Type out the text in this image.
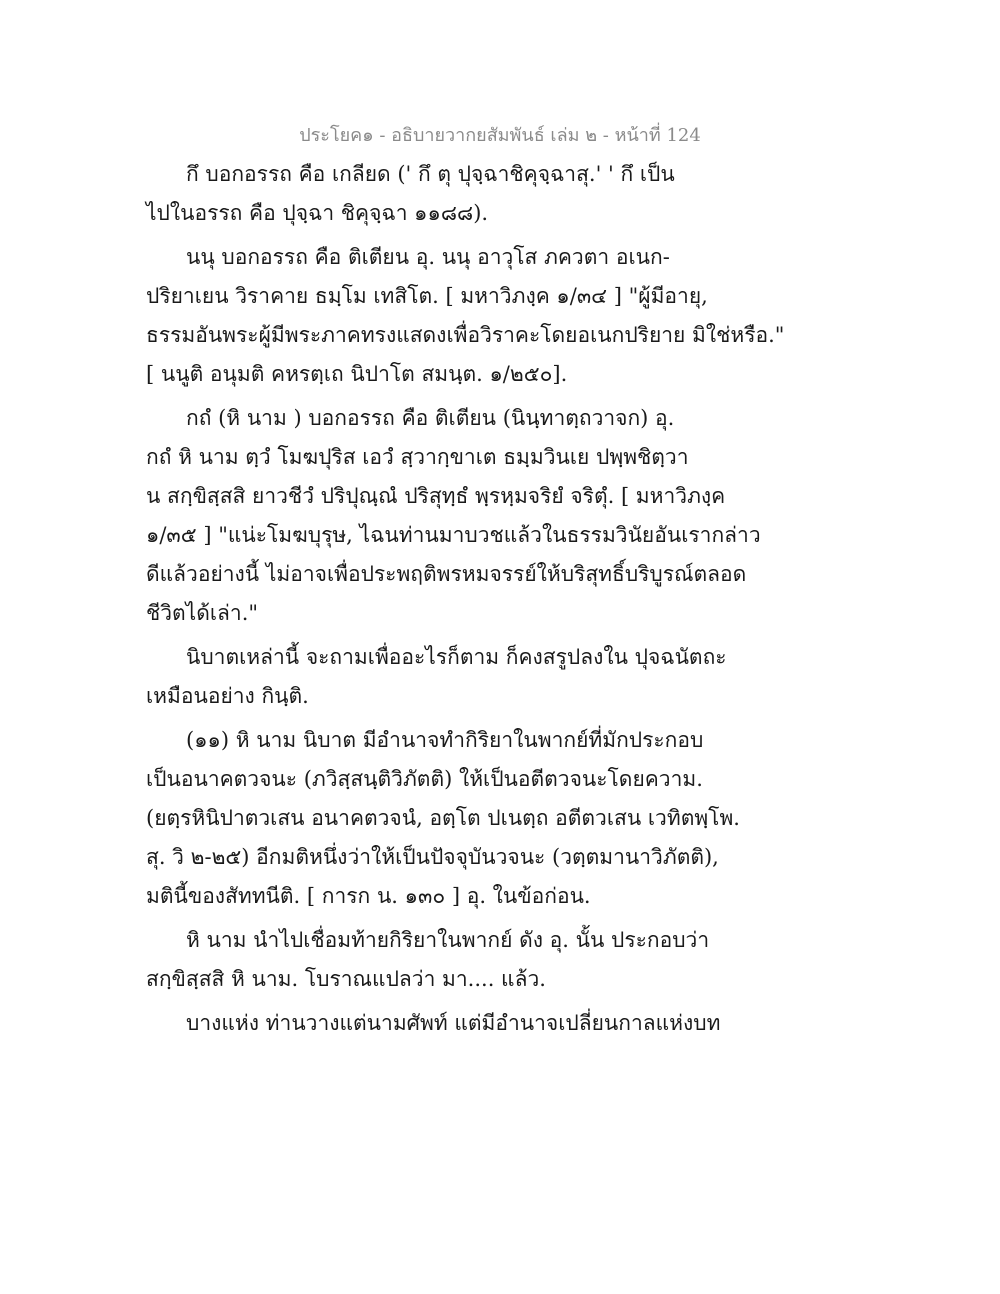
ประโยค๑ - อธิบายวากยสัมพันธ์ เล่ม ๒ - หน้าที่ 124
กึ บอกอรรถ คือ เกลียด (' กึ ตุ ปุจฺฉาชิคุจฺฉาสุ.' ' กึ เป็น
ไปในอรรถ คือ ปุจฺฉา ชิคุจฺฉา ๑๑๘๘).
นนุ บอกอรรถ คือ ติเตียน อุ. นนุ อาวุโส ภควตา อเนก-
ปริยาเยน วิราคาย ธมฺโม เทสิโต. [ มหาวิภงฺค ๑/๓๔ ] "ผู้มีอายุ,
ธรรมอันพระผู้มีพระภาคทรงแสดงเพื่อวิราคะโดยอเนกปริยาย มิใช่หรือ."
[ นนูติ อนุมติ คหรตฺเถ นิปาโต สมนฺต. ๑/๒๕๐].
กถํ (หิ นาม ) บอกอรรถ คือ ติเตียน (นินฺทาตฺถวาจก) อุ.
กถํ หิ นาม ตฺวํ โมฆปุริส เอวํ สฺวากฺขาเต ธมฺมวินเย ปพฺพชิตฺวา
น สกฺขิสฺสสิ ยาวชีวํ ปริปุณฺณํ ปริสุทฺธํ พฺรหฺมจริยํ จริตุํ. [ มหาวิภงฺค
๑/๓๕ ] "แน่ะโมฆบุรุษ, ไฉนท่านมาบวชแล้วในธรรมวินัยอันเรากล่าว
ดีแล้วอย่างนี้ ไม่อาจเพื่อประพฤติพรหมจรรย์ให้บริสุทธิ์บริบูรณ์ตลอด
ชีวิตได้เล่า."
นิบาตเหล่านี้ จะถามเพื่ออะไรก็ตาม ก็คงสรูปลงใน ปุจฉนัตถะ
เหมือนอย่าง กินฺติ.
(๑๑) หิ นาม นิบาต มีอำนาจทำกิริยาในพากย์ที่มักประกอบ
เป็นอนาคตวจนะ (ภวิสฺสนฺติวิภัตติ) ให้เป็นอตีตวจนะโดยความ.
(ยตฺรหินิปาตวเสน อนาคตวจนํ, อตฺโต ปเนตฺถ อตีตวเสน เวทิตพฺโพ.
สุ. วิ ๒-๒๕) อีกมติหนึ่งว่าให้เป็นปัจจุบันวจนะ (วตฺตมานาวิภัตติ),
มตินี้ของสัททนีติ. [ การก น. ๑๓๐ ] อุ. ในข้อก่อน.
หิ นาม นำไปเชื่อมท้ายกิริยาในพากย์ ดัง อุ. นั้น ประกอบว่า
สกฺขิสฺสสิ หิ นาม. โบราณแปลว่า มา.... แล้ว.
บางแห่ง ท่านวางแต่นามศัพท์ แต่มีอำนาจเปลี่ยนกาลแห่งบท
